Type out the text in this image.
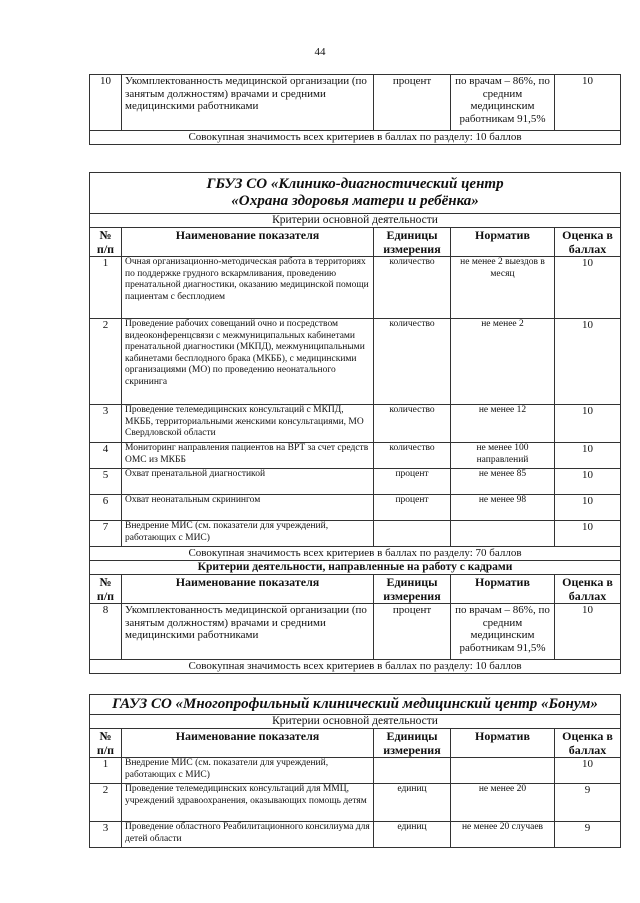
44
10	Укомплектованность медицинской организации (по занятым должностям) врачами и средними медицинскими работниками	процент	по врачам – 86%, по средним медицинским работникам 91,5%	10
Совокупная значимость всех критериев в баллах по разделу: 10 баллов
ГБУЗ СО «Клинико-диагностический центр
«Охрана здоровья матери и ребёнка»				

Критерии основной деятельности				
№ п/п	Наименование показателя	Единицы измерения	Норматив	Оценка в баллах
1	Очная организационно-методическая работа в территориях по поддержке грудного вскармливания, проведению пренатальной диагностики, оказанию медицинской помощи пациентам с бесплодием	количество	не менее 2 выездов в месяц	10
2	Проведение рабочих совещаний очно и посредством видеоконференцсвязи с межмуниципальных кабинетами пренатальной диагностики (МКПД), межмуниципальными кабинетами бесплодного брака (МКББ), с медицинскими организациями (МО) по проведению неонатального скрининга	количество	не менее 2	10
3	Проведение телемедицинских консультаций с МКПД, МКББ, территориальными женскими консультациями, МО Свердловской области	количество	не менее 12	10
4	Мониторинг направления пациентов на ВРТ за счет средств ОМС из МКББ	количество	не менее 100 направлений	10
5	Охват пренатальной диагностикой	процент	не менее 85	10
6	Охват неонатальным скринингом	процент	не менее 98	10
7	Внедрение МИС (см. показатели для учреждений, работающих с МИС)			10
Совокупная значимость всех критериев в баллах по разделу: 70 баллов				
Критерии деятельности, направленные на работу с кадрами				
№ п/п	Наименование показателя	Единицы измерения	Норматив	Оценка в баллах
8	Укомплектованность медицинской организации (по занятым должностям) врачами и средними медицинскими работниками	процент	по врачам – 86%, по средним медицинским работникам 91,5%	10
Совокупная значимость всех критериев в баллах по разделу: 10 баллов				
ГАУЗ СО «Многопрофильный клинический медицинский центр «Бонум»				
Критерии основной деятельности				
№ п/п	Наименование показателя	Единицы измерения	Норматив	Оценка в баллах
1	Внедрение МИС (см. показатели для учреждений, работающих с МИС)			10
2	Проведение телемедицинских консультаций для ММЦ, учреждений здравоохранения, оказывающих помощь детям	единиц	не менее 20	9
3	Проведение областного Реабилитационного консилиума для детей области	единиц	не менее 20 случаев	9
